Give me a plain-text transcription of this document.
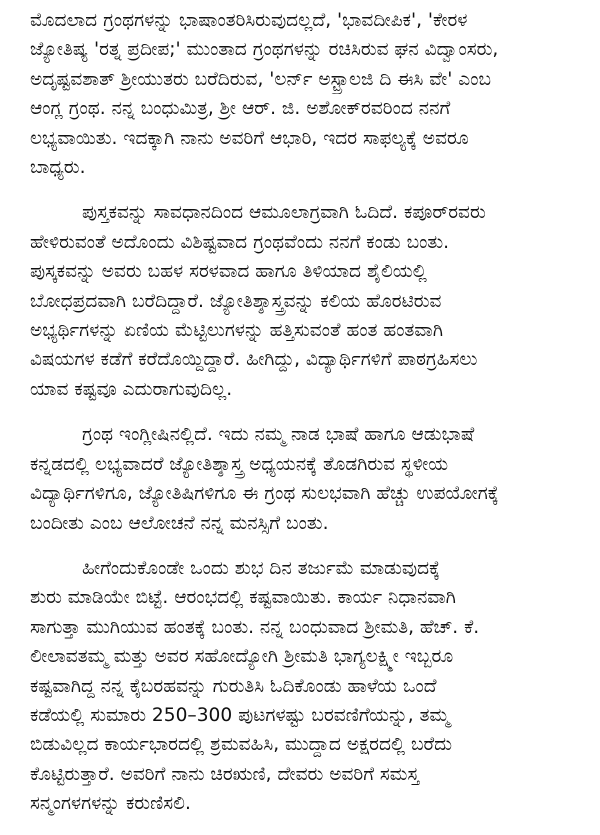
ಮೊದಲಾದ ಗ್ರಂಥಗಳನ್ನು ಭಾಷಾಂತರಿಸಿರುವುದಲ್ಲದೆ, 'ಭಾವದೀಪಿಕ', 'ಕೇರಳ
ಜ್ಯೋತಿಷ್ಯ 'ರತ್ನ ಪ್ರದೀಪ;' ಮುಂತಾದ ಗ್ರಂಥಗಳನ್ನು ರಚಿಸಿರುವ ಘನ ವಿದ್ವಾಂಸರು,
ಅದೃಷ್ಟವಶಾತ್ ಶ್ರೀಯುತರು ಬರೆದಿರುವ, 'ಲರ್ನ್ ಅಸ್ಟ್ರಾಲಜಿ ದಿ ಈಸಿ ವೇ' ಎಂಬ
ಆಂಗ್ಲ ಗ್ರಂಥ. ನನ್ನ ಬಂಧುಮಿತ್ರ, ಶ್ರೀ ಆರ್. ಜಿ. ಅಶೋಕ್‌ರವರಿಂದ ನನಗೆ
ಲಭ್ಯವಾಯಿತು. ಇದಕ್ಕಾಗಿ ನಾನು ಅವರಿಗೆ ಆಭಾರಿ, ಇದರ ಸಾಫಲ್ಯಕ್ಕೆ ಅವರೂ
ಬಾಧ್ಯರು.
ಪುಸ್ತಕವನ್ನು ಸಾವಧಾನದಿಂದ ಆಮೂಲಾಗ್ರವಾಗಿ ಓದಿದೆ. ಕಪೂರ್‌ರವರು
ಹೇಳಿರುವಂತೆ ಅದೊಂದು ವಿಶಿಷ್ಟವಾದ ಗ್ರಂಥವೆಂದು ನನಗೆ ಕಂಡು ಬಂತು.
ಪುಸ್ಕಕವನ್ನು ಅವರು ಬಹಳ ಸರಳವಾದ ಹಾಗೂ ತಿಳಿಯಾದ ಶೈಲಿಯಲ್ಲಿ
ಬೋಧಪ್ರದವಾಗಿ ಬರೆದಿದ್ದಾರೆ. ಜ್ಯೋತಿಶ್ಶಾಸ್ತ್ರವನ್ನು ಕಲಿಯ ಹೊರಟಿರುವ
ಅಭ್ಯರ್ಥಿಗಳನ್ನು ಏಣಿಯ ಮೆಟ್ಟಿಲುಗಳನ್ನು ಹತ್ತಿಸುವಂತೆ ಹಂತ ಹಂತವಾಗಿ
ವಿಷಯಗಳ ಕಡೆಗೆ ಕರೆದೊಯ್ದಿದ್ದಾರೆ. ಹೀಗಿದ್ದು, ವಿದ್ಯಾರ್ಥಿಗಳಿಗೆ ಪಾಠಗ್ರಹಿಸಲು
ಯಾವ ಕಷ್ಟವೂ ಎದುರಾಗುವುದಿಲ್ಲ.
ಗ್ರಂಥ ಇಂಗ್ಲೀಷಿನಲ್ಲಿದೆ. ಇದು ನಮ್ಮ ನಾಡ ಭಾಷೆ ಹಾಗೂ ಆಡುಭಾಷೆ
ಕನ್ನಡದಲ್ಲಿ ಲಭ್ಯವಾದರೆ ಜ್ಯೋತಿಶ್ಶಾಸ್ತ್ರ ಅಧ್ಯಯನಕ್ಕೆ ತೊಡಗಿರುವ ಸ್ಥಳೀಯ
ವಿದ್ಯಾರ್ಥಿಗಳಿಗೂ, ಜ್ಯೋತಿಷಿಗಳಿಗೂ ಈ ಗ್ರಂಥ ಸುಲಭವಾಗಿ ಹೆಚ್ಚು ಉಪಯೋಗಕ್ಕೆ
ಬಂದೀತು ಎಂಬ ಆಲೋಚನೆ ನನ್ನ ಮನಸ್ಸಿಗೆ ಬಂತು.
ಹೀಗೆಂದುಕೊಂಡೇ ಒಂದು ಶುಭ ದಿನ ತರ್ಜುಮೆ ಮಾಡುವುದಕ್ಕೆ
ಶುರು ಮಾಡಿಯೇ ಬಿಟ್ಟೆ. ಆರಂಭದಲ್ಲಿ ಕಷ್ಟವಾಯಿತು. ಕಾರ್ಯ ನಿಧಾನವಾಗಿ
ಸಾಗುತ್ತಾ ಮುಗಿಯುವ ಹಂತಕ್ಕೆ ಬಂತು. ನನ್ನ ಬಂಧುವಾದ ಶ್ರೀಮತಿ, ಹೆಚ್. ಕೆ.
ಲೀಲಾವತಮ್ಮ ಮತ್ತು ಅವರ ಸಹೋದ್ಯೋಗಿ ಶ್ರೀಮತಿ ಭಾಗ್ಯಲಕ್ಷ್ಮೀ ಇಬ್ಬರೂ
ಕಷ್ಟವಾಗಿದ್ದ ನನ್ನ ಕೈಬರಹವನ್ನು ಗುರುತಿಸಿ ಓದಿಕೊಂಡು ಹಾಳೆಯ ಒಂದೆ
ಕಡೆಯಲ್ಲಿ ಸುಮಾರು 250–300 ಪುಟಗಳಷ್ಟು ಬರವಣಿಗೆಯನ್ನು, ತಮ್ಮ
ಬಿಡುವಿಲ್ಲದ ಕಾರ್ಯಭಾರದಲ್ಲಿ ಶ್ರಮವಹಿಸಿ, ಮುದ್ದಾದ ಅಕ್ಷರದಲ್ಲಿ ಬರೆದು
ಕೊಟ್ಟಿರುತ್ತಾರೆ. ಅವರಿಗೆ ನಾನು ಚಿರಋಣಿ, ದೇವರು ಅವರಿಗೆ ಸಮಸ್ತ
ಸನ್ಮಂಗಳಗಳನ್ನು ಕರುಣಿಸಲಿ.
